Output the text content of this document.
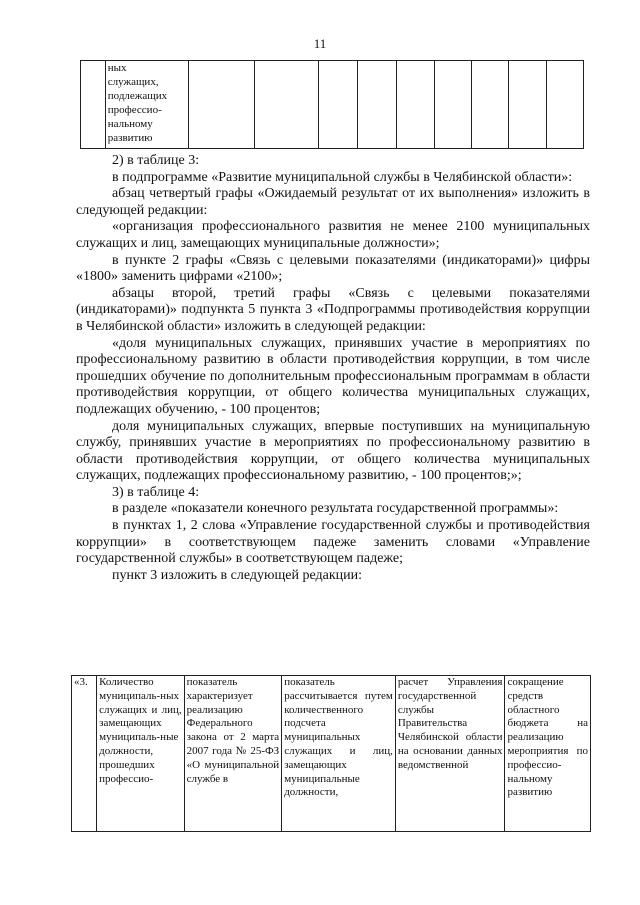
11

ных
служащих,
подлежащих
профессио-
нальному
развитию

2) в таблице 3:

в подпрограмме «Развитие муниципальной службы в Челябинской области»:

абзац четвертый графы «Ожидаемый результат от их выполнения» изложить в следующей редакции:

«организация профессионального развития не менее 2100 муниципальных служащих и лиц, замещающих муниципальные должности»;

в пункте 2 графы «Связь с целевыми показателями (индикаторами)» цифры «1800» заменить цифрами «2100»;

абзацы второй, третий графы «Связь с целевыми показателями (индикаторами)» подпункта 5 пункта 3 «Подпрограммы противодействия коррупции в Челябинской области» изложить в следующей редакции:

«доля муниципальных служащих, принявших участие в мероприятиях по профессиональному развитию в области противодействия коррупции, в том числе прошедших обучение по дополнительным профессиональным программам в области противодействия коррупции, от общего количества муниципальных служащих, подлежащих обучению, - 100 процентов;

доля муниципальных служащих, впервые поступивших на муниципальную службу, принявших участие в мероприятиях по профессиональному развитию в области противодействия коррупции, от общего количества муниципальных служащих, подлежащих профессиональному развитию, - 100 процентов;»;

3) в таблице 4:

в разделе «показатели конечного результата государственной программы»:

в пунктах 1, 2 слова «Управление государственной службы и противодействия коррупции» в соответствующем падеже заменить словами «Управление государственной службы» в соответствующем падеже;

пункт 3 изложить в следующей редакции:

«3.	Количество муниципаль-ных служащих и лиц, замещающих муниципаль-ные должности, прошедших профессио-	показатель характеризует реализацию Федерального закона от 2 марта 2007 года № 25-ФЗ «О муниципальной службе в	показатель рассчитывается путем количественного подсчета муниципальных служащих и лиц, замещающих муниципальные должности,	расчет Управления государственной службы Правительства Челябинской области на основании данных ведомственной	сокращение средств областного бюджета на реализацию мероприятия по профессио-нальному развитию
